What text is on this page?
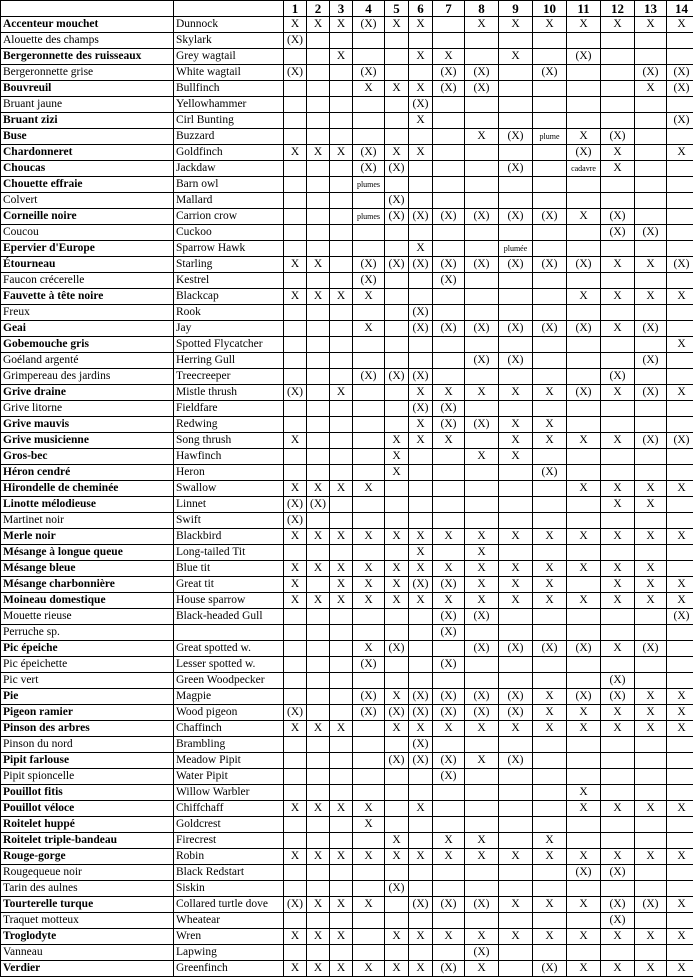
		1	2	3	4	5	6	7	8	9	10	11	12	13	14
Accenteur mouchet	Dunnock	X	X	X	(X)	X	X		X	X	X	X	X	X	X
Alouette des champs	Skylark	(X)													
Bergeronnette des ruisseaux	Grey wagtail			X			X	X		X		(X)			
Bergeronnette grise	White wagtail	(X)			(X)			(X)	(X)		(X)			(X)	(X)
Bouvreuil	Bullfinch				X	X	X	(X)	(X)					X	(X)
Bruant jaune	Yellowhammer						(X)								
Bruant zizi	Cirl Bunting						X								(X)
Buse	Buzzard								X	(X)	plume	X	(X)		
Chardonneret	Goldfinch	X	X	X	(X)	X	X					(X)	X		X
Choucas	Jackdaw				(X)	(X)				(X)		cadavre	X		
Chouette effraie	Barn owl				plumes										
Colvert	Mallard					(X)									
Corneille noire	Carrion crow				plumes	(X)	(X)	(X)	(X)	(X)	(X)	X	(X)		
Coucou	Cuckoo												(X)	(X)	
Epervier d'Europe	Sparrow Hawk						X			plumée					
Étourneau	Starling	X	X		(X)	(X)	(X)	(X)	(X)	(X)	(X)	(X)	X	X	(X)
Faucon crécerelle	Kestrel				(X)			(X)							
Fauvette à tête noire	Blackcap	X	X	X	X							X	X	X	X
Freux	Rook						(X)								
Geai	Jay				X		(X)	(X)	(X)	(X)	(X)	(X)	X	(X)	
Gobemouche gris	Spotted Flycatcher														X
Goéland argenté	Herring Gull								(X)	(X)				(X)	
Grimpereau des jardins	Treecreeper				(X)	(X)	(X)						(X)		
Grive draine	Mistle thrush	(X)		X			X	X	X	X	X	(X)	X	(X)	X
Grive litorne	Fieldfare						(X)	(X)							
Grive mauvis	Redwing						X	(X)	(X)	X	X				
Grive musicienne	Song thrush	X				X	X	X		X	X	X	X	(X)	(X)
Gros-bec	Hawfinch					X			X	X					
Héron cendré	Heron					X					(X)				
Hirondelle de cheminée	Swallow	X	X	X	X							X	X	X	X
Linotte mélodieuse	Linnet	(X)	(X)										X	X	
Martinet noir	Swift	(X)													
Merle noir	Blackbird	X	X	X	X	X	X	X	X	X	X	X	X	X	X
Mésange à longue queue	Long-tailed Tit						X		X						
Mésange bleue	Blue tit	X	X	X	X	X	X	X	X	X	X	X	X	X	
Mésange charbonnière	Great tit	X		X	X	X	(X)	(X)	X	X	X		X	X	X
Moineau domestique	House sparrow	X	X	X	X	X	X	X	X	X	X	X	X	X	X
Mouette rieuse	Black-headed Gull							(X)	(X)						(X)
Perruche sp.								(X)							
Pic épeiche	Great spotted w.				X	(X)			(X)	(X)	(X)	(X)	X	(X)	
Pic épeichette	Lesser spotted w.				(X)			(X)							
Pic vert	Green Woodpecker												(X)		
Pie	Magpie				(X)	X	(X)	(X)	(X)	(X)	X	(X)	(X)	X	X
Pigeon ramier	Wood pigeon	(X)			(X)	(X)	(X)	(X)	(X)	(X)	X	X	X	X	X
Pinson des arbres	Chaffinch	X	X	X		X	X	X	X	X	X	X	X	X	X
Pinson du nord	Brambling						(X)								
Pipit farlouse	Meadow Pipit					(X)	(X)	(X)	X	(X)					
Pipit spioncelle	Water Pipit							(X)							
Pouillot fitis	Willow Warbler											X			
Pouillot véloce	Chiffchaff	X	X	X	X		X					X	X	X	X
Roitelet huppé	Goldcrest				X										
Roitelet triple-bandeau	Firecrest					X		X	X		X				
Rouge-gorge	Robin	X	X	X	X	X	X	X	X	X	X	X	X	X	X
Rougequeue noir	Black Redstart											(X)	(X)		
Tarin des aulnes	Siskin					(X)									
Tourterelle turque	Collared turtle dove	(X)	X	X	X		(X)	(X)	(X)	X	X	X	(X)	(X)	X
Traquet motteux	Wheatear												(X)		
Troglodyte	Wren	X	X	X		X	X	X	X	X	X	X	X	X	X
Vanneau	Lapwing								(X)						
Verdier	Greenfinch	X	X	X	X	X	X	(X)	X		(X)	X	X	X	X
